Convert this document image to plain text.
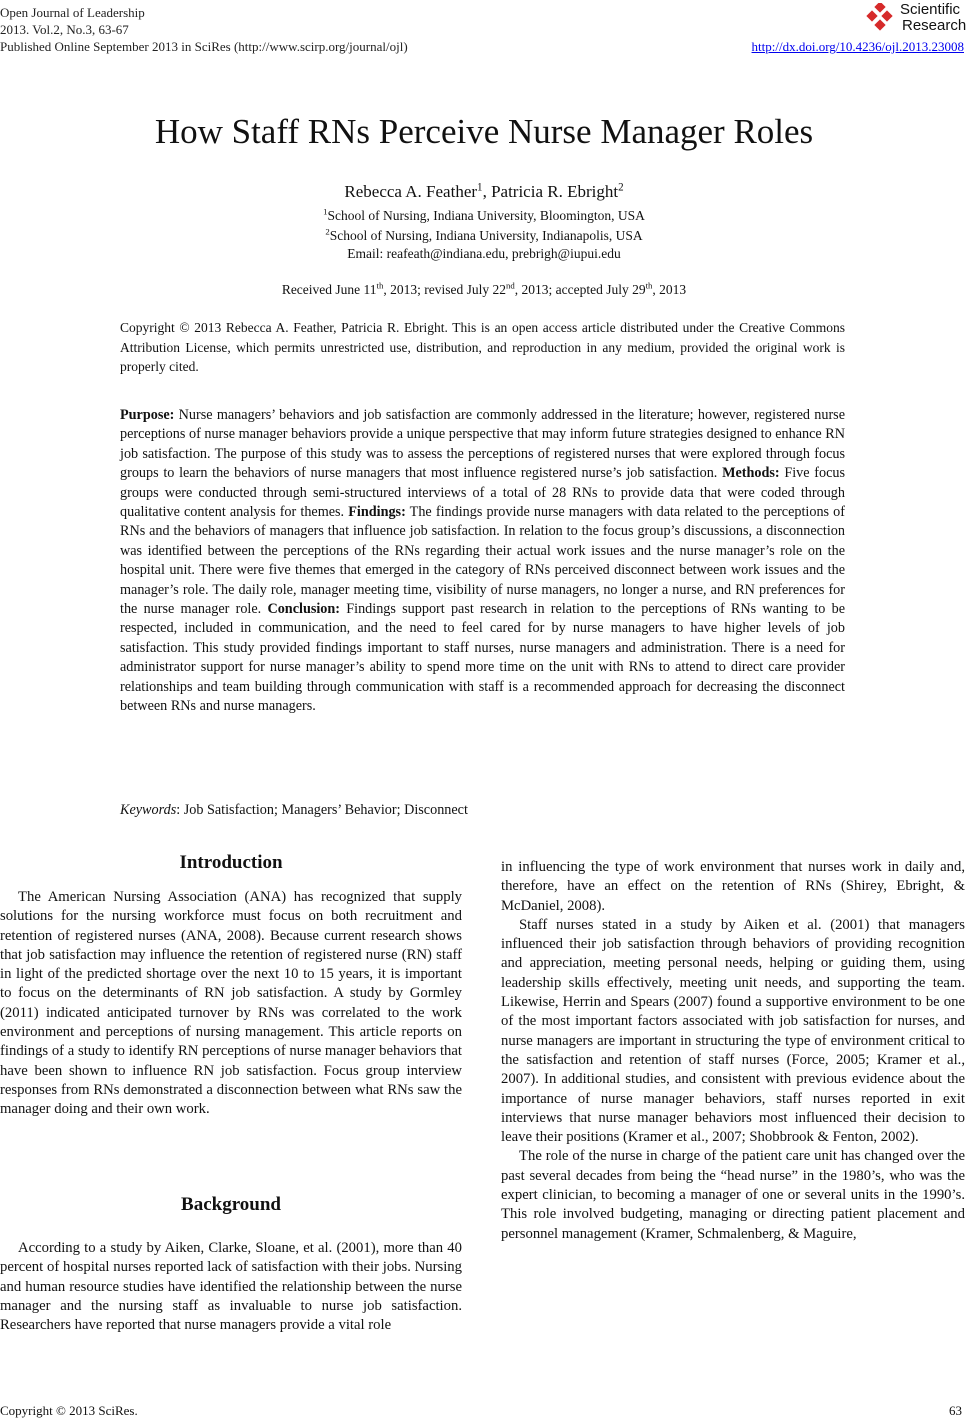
Open Journal of Leadership
2013. Vol.2, No.3, 63-67
Published Online September 2013 in SciRes (http://www.scirp.org/journal/ojl)	http://dx.doi.org/10.4236/ojl.2013.23008
Scientific
Research
How Staff RNs Perceive Nurse Manager Roles
Rebecca A. Feather$^1$, Patricia R. Ebright$^2$
$^1$School of Nursing, Indiana University, Bloomington, USA
$^2$School of Nursing, Indiana University, Indianapolis, USA
Email: reafeath@indiana.edu, prebrigh@iupui.edu
Received June 11th, 2013; revised July 22nd, 2013; accepted July 29th, 2013
Copyright © 2013 Rebecca A. Feather, Patricia R. Ebright. This is an open access article distributed under the Creative Commons Attribution License, which permits unrestricted use, distribution, and reproduction in any medium, provided the original work is properly cited.
Purpose: Nurse managers’ behaviors and job satisfaction are commonly addressed in the literature; however, registered nurse perceptions of nurse manager behaviors provide a unique perspective that may inform future strategies designed to enhance RN job satisfaction. The purpose of this study was to assess the perceptions of registered nurses that were explored through focus groups to learn the behaviors of nurse managers that most influence registered nurse’s job satisfaction. Methods: Five focus groups were conducted through semi-structured interviews of a total of 28 RNs to provide data that were coded through qualitative content analysis for themes. Findings: The findings provide nurse managers with data related to the perceptions of RNs and the behaviors of managers that influence job satisfaction. In relation to the focus group’s discussions, a disconnection was identified between the perceptions of the RNs regarding their actual work issues and the nurse manager’s role on the hospital unit. There were five themes that emerged in the category of RNs perceived disconnect between work issues and the manager’s role. The daily role, manager meeting time, visibility of nurse managers, no longer a nurse, and RN preferences for the nurse manager role. Conclusion: Findings support past research in relation to the perceptions of RNs wanting to be respected, included in communication, and the need to feel cared for by nurse managers to have higher levels of job satisfaction. This study provided findings important to staff nurses, nurse managers and administration. There is a need for administrator support for nurse manager’s ability to spend more time on the unit with RNs to attend to direct care provider relationships and team building through communication with staff is a recommended approach for decreasing the disconnect between RNs and nurse managers.
Keywords: Job Satisfaction; Managers’ Behavior; Disconnect
Introduction

The American Nursing Association (ANA) has recognized that supply solutions for the nursing workforce must focus on both recruitment and retention of registered nurses (ANA, 2008). Because current research shows that job satisfaction may influence the retention of registered nurse (RN) staff in light of the predicted shortage over the next 10 to 15 years, it is important to focus on the determinants of RN job satisfaction. A study by Gormley (2011) indicated anticipated turnover by RNs was correlated to the work environment and perceptions of nursing management. This article reports on findings of a study to identify RN perceptions of nurse manager behaviors that have been shown to influence RN job satisfaction. Focus group interview responses from RNs demonstrated a disconnection between what RNs saw the manager doing and their own work.

Background

According to a study by Aiken, Clarke, Sloane, et al. (2001), more than 40 percent of hospital nurses reported lack of satisfaction with their jobs. Nursing and human resource studies have identified the relationship between the nurse manager and the nursing staff as invaluable to nurse job satisfaction. Researchers have reported that nurse managers provide a vital role

in influencing the type of work environment that nurses work in daily and, therefore, have an effect on the retention of RNs (Shirey, Ebright, & McDaniel, 2008).

Staff nurses stated in a study by Aiken et al. (2001) that managers influenced their job satisfaction through behaviors of providing recognition and appreciation, meeting personal needs, helping or guiding them, using leadership skills effectively, meeting unit needs, and supporting the team. Likewise, Herrin and Spears (2007) found a supportive environment to be one of the most important factors associated with job satisfaction for nurses, and nurse managers are important in structuring the type of environment critical to the satisfaction and retention of staff nurses (Force, 2005; Kramer et al., 2007). In additional studies, and consistent with previous evidence about the importance of nurse manager behaviors, staff nurses reported in exit interviews that nurse manager behaviors most influenced their decision to leave their positions (Kramer et al., 2007; Shobbrook & Fenton, 2002).

The role of the nurse in charge of the patient care unit has changed over the past several decades from being the “head nurse” in the 1980’s, who was the expert clinician, to becoming a manager of one or several units in the 1990’s. This role involved budgeting, managing or directing patient placement and personnel management (Kramer, Schmalenberg, & Maguire,

Copyright © 2013 SciRes.	63
